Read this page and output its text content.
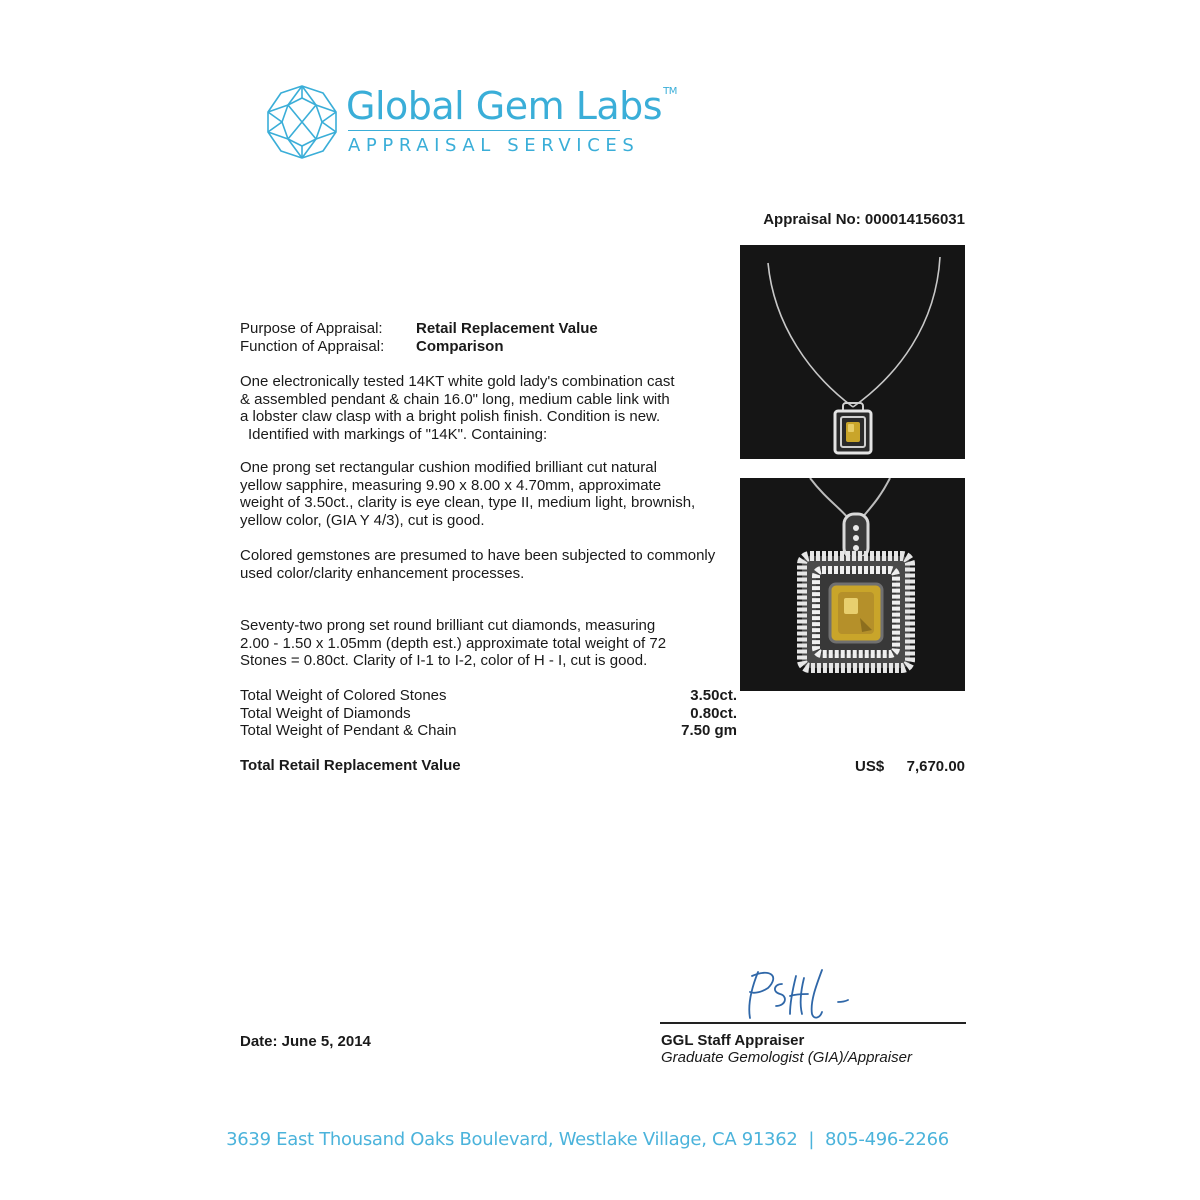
Global Gem Labs™
APPRAISAL SERVICES
Appraisal No: 000014156031
Purpose of Appraisal: Retail Replacement Value
Function of Appraisal: Comparison
One electronically tested 14KT white gold lady's combination cast
& assembled pendant & chain 16.0" long, medium cable link with
a lobster claw clasp with a bright polish finish. Condition is new.
Identified with markings of "14K". Containing:
One prong set rectangular cushion modified brilliant cut natural
yellow sapphire, measuring 9.90 x 8.00 x 4.70mm, approximate
weight of 3.50ct., clarity is eye clean, type II, medium light, brownish,
yellow color, (GIA Y 4/3), cut is good.
Colored gemstones are presumed to have been subjected to commonly
used color/clarity enhancement processes.
Seventy-two prong set round brilliant cut diamonds, measuring
2.00 - 1.50 x 1.05mm (depth est.) approximate total weight of 72
Stones = 0.80ct. Clarity of I-1 to I-2, color of H - I, cut is good.
Total Weight of Colored Stones	3.50ct.
Total Weight of Diamonds	0.80ct.
Total Weight of Pendant & Chain	7.50 gm
Total Retail Replacement Value	US$	7,670.00
Date: June 5, 2014	GGL Staff Appraiser
Graduate Gemologist (GIA)/Appraiser
3639 East Thousand Oaks Boulevard, Westlake Village, CA 91362  |  805-496-2266
